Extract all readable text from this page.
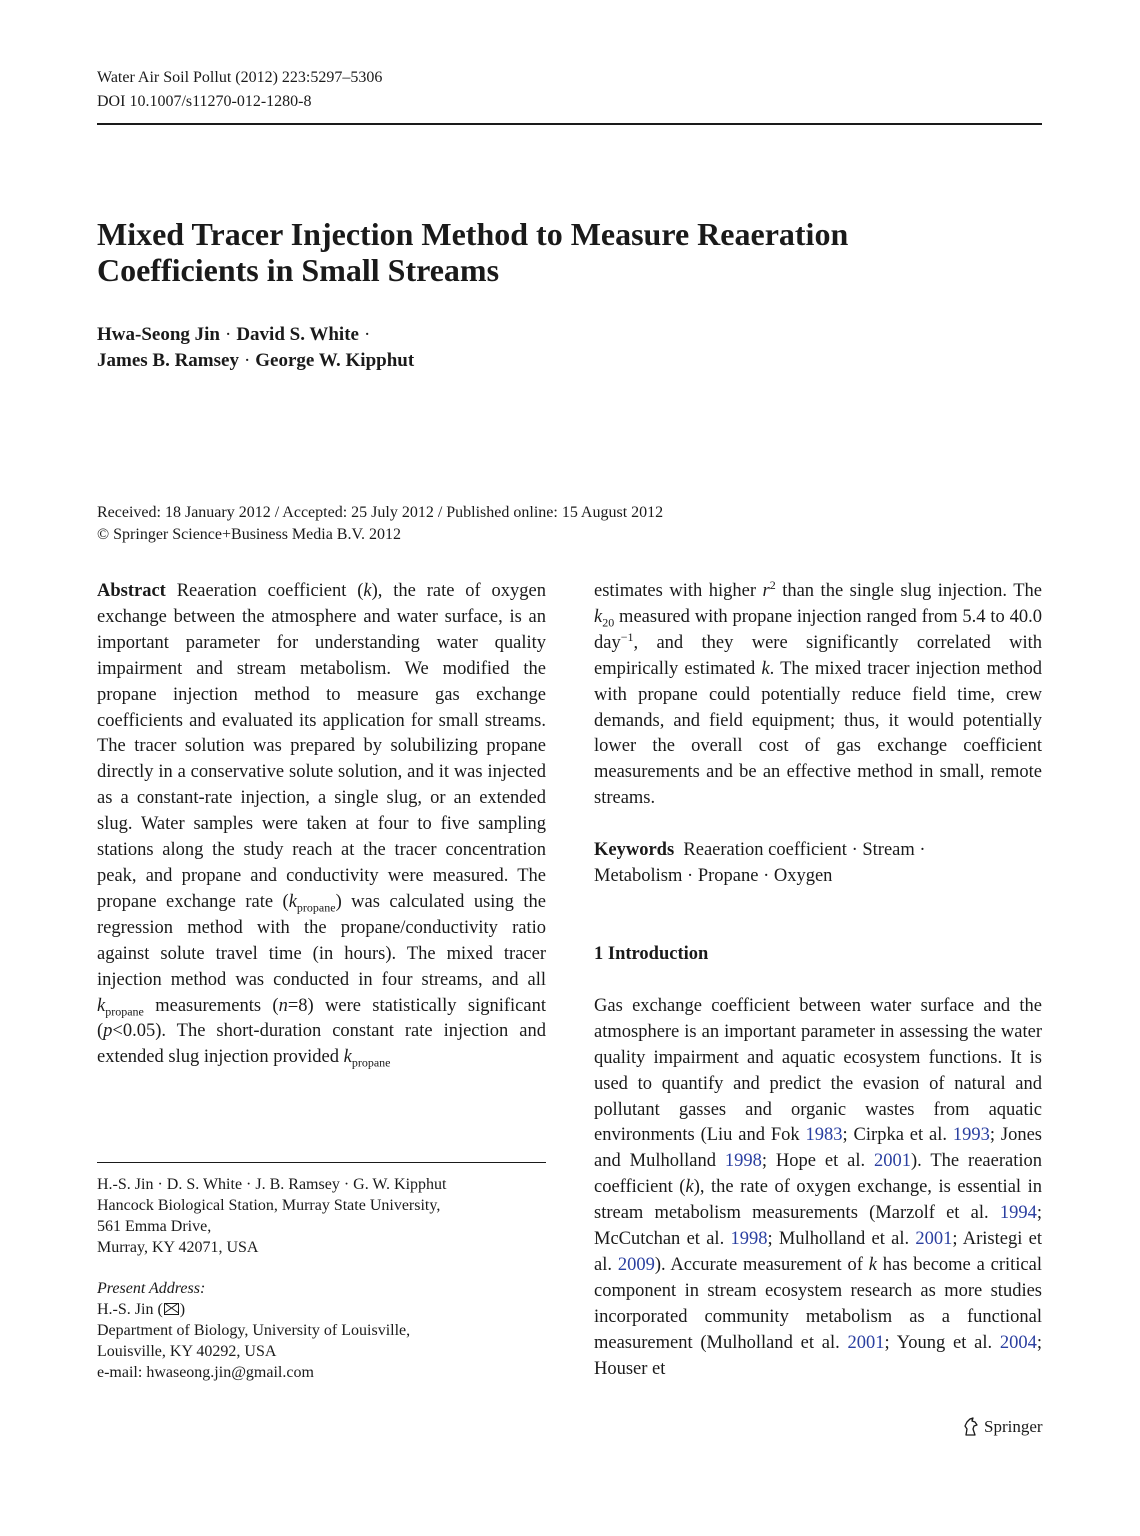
Water Air Soil Pollut (2012) 223:5297–5306
DOI 10.1007/s11270-012-1280-8
Mixed Tracer Injection Method to Measure Reaeration
Coefficients in Small Streams
Hwa-Seong Jin · David S. White ·
James B. Ramsey · George W. Kipphut
Received: 18 January 2012 / Accepted: 25 July 2012 / Published online: 15 August 2012
© Springer Science+Business Media B.V. 2012

Abstract Reaeration coefficient (k), the rate of oxygen exchange between the atmosphere and water surface, is an important parameter for understanding water quality impairment and stream metabolism. We modified the propane injection method to measure gas exchange coefficients and evaluated its application for small streams. The tracer solution was prepared by solubilizing propane directly in a conservative solute solution, and it was injected as a constant-rate injection, a single slug, or an extended slug. Water samples were taken at four to five sampling stations along the study reach at the tracer concentration peak, and propane and conductivity were measured. The propane exchange rate $(k_{propane})$ was calculated using the regression method with the propane/conductivity ratio against solute travel time (in hours). The mixed tracer injection method was conducted in four streams, and all $k_{propane}$ measurements (n=8) were statistically significant (p<0.05). The short-duration constant rate injection and extended slug injection provided $k_{propane}$

estimates with higher $r^2$ than the single slug injection. The $k_{20}$ measured with propane injection ranged from 5.4 to 40.0 day$^{-1}$, and they were significantly correlated with empirically estimated k. The mixed tracer injection method with propane could potentially reduce field time, crew demands, and field equipment; thus, it would potentially lower the overall cost of gas exchange coefficient measurements and be an effective method in small, remote streams.

Keywords Reaeration coefficient · Stream ·
Metabolism · Propane · Oxygen

1 Introduction

Gas exchange coefficient between water surface and the atmosphere is an important parameter in assessing the water quality impairment and aquatic ecosystem functions. It is used to quantify and predict the evasion of natural and pollutant gasses and organic wastes from aquatic environments (Liu and Fok 1983; Cirpka et al. 1993; Jones and Mulholland 1998; Hope et al. 2001). The reaeration coefficient (k), the rate of oxygen exchange, is essential in stream metabolism measurements (Marzolf et al. 1994; McCutchan et al. 1998; Mulholland et al. 2001; Aristegi et al. 2009). Accurate measurement of k has become a critical component in stream ecosystem research as more studies incorporated community metabolism as a functional measurement (Mulholland et al. 2001; Young et al. 2004; Houser et

H.-S. Jin · D. S. White · J. B. Ramsey · G. W. Kipphut

Hancock Biological Station, Murray State University,

561 Emma Drive,

Murray, KY 42071, USA

Present Address:

H.-S. Jin ( )

Department of Biology, University of Louisville,

Louisville, KY 40292, USA

e-mail: hwaseong.jin@gmail.com

Springer
